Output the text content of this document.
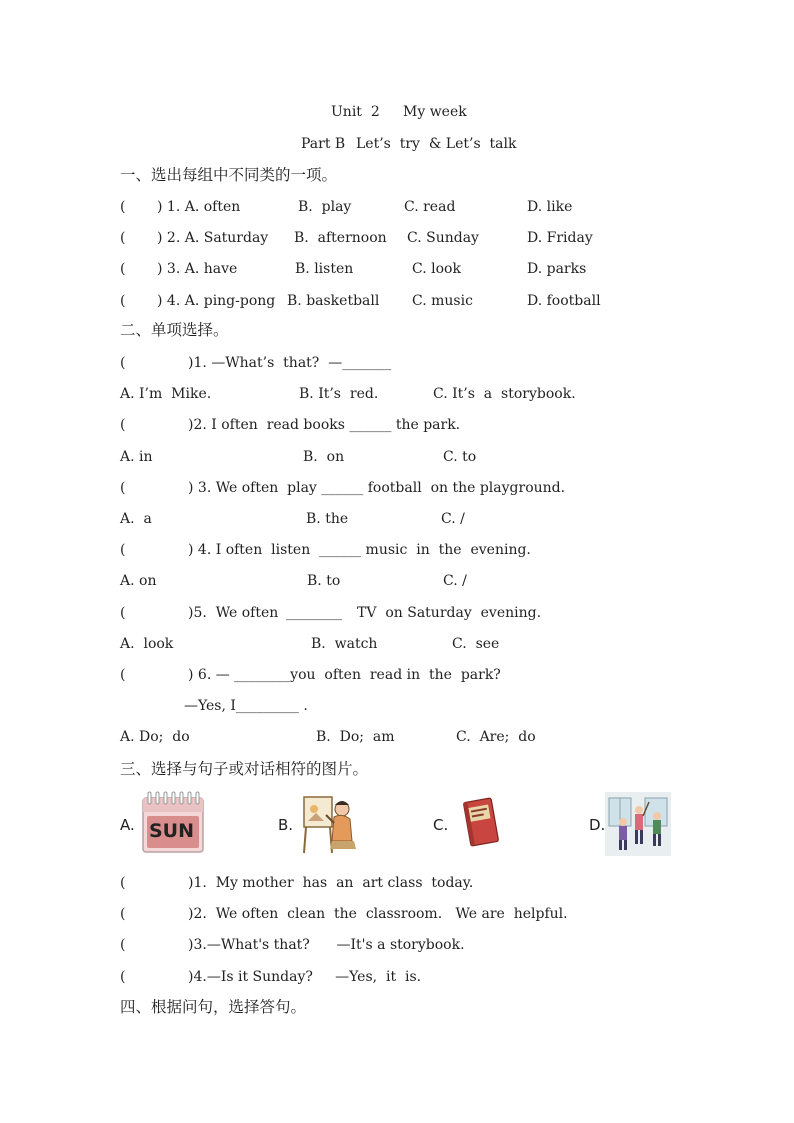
Unit  2 My week
Part B Let’s  try  & Let’s  talk
一、选出每组中不同类的一项。
( ) 1. A. often	B.  play	C. read	D. like
( ) 2. A. Saturday B.  afternoon C. Sunday	D. Friday
( ) 3. A. have	B. listen	C. look	D. parks
( ) 4. A. ping-pong B. basketball C. music	D. football
二、单项选择。
(	)1. —What’s  that?  —_______
A. I’m  Mike.	B. It’s  red.	C. It’s  a  storybook.
(	)2. I often  read books ______ the park.
A. in	B.  on	C. to
(	) 3. We often  play ______ football  on the playground.
A.  a	B. the	C. /
(	) 4. I often  listen  ______ music  in  the  evening.
A. on	B. to	C. /
(	)5.  We often ________ TV  on Saturday  evening.
A.  look	B.  watch	C.  see
(	) 6. — ________you  often  read in  the  park?
—Yes, I_________ .
A. Do;  do	B.  Do;  am	C.  Are;  do
三、选择与句子或对话相符的图片。
A. SUN	B.	C.	D.
(	)1.  My mother  has  an  art class  today.
(	)2.  We often  clean  the  classroom.   We are  helpful.
(	)3.—What's that?      —It's a storybook.
(	)4.—Is it Sunday?     —Yes,  it  is.
四、根据问句，选择答句。
